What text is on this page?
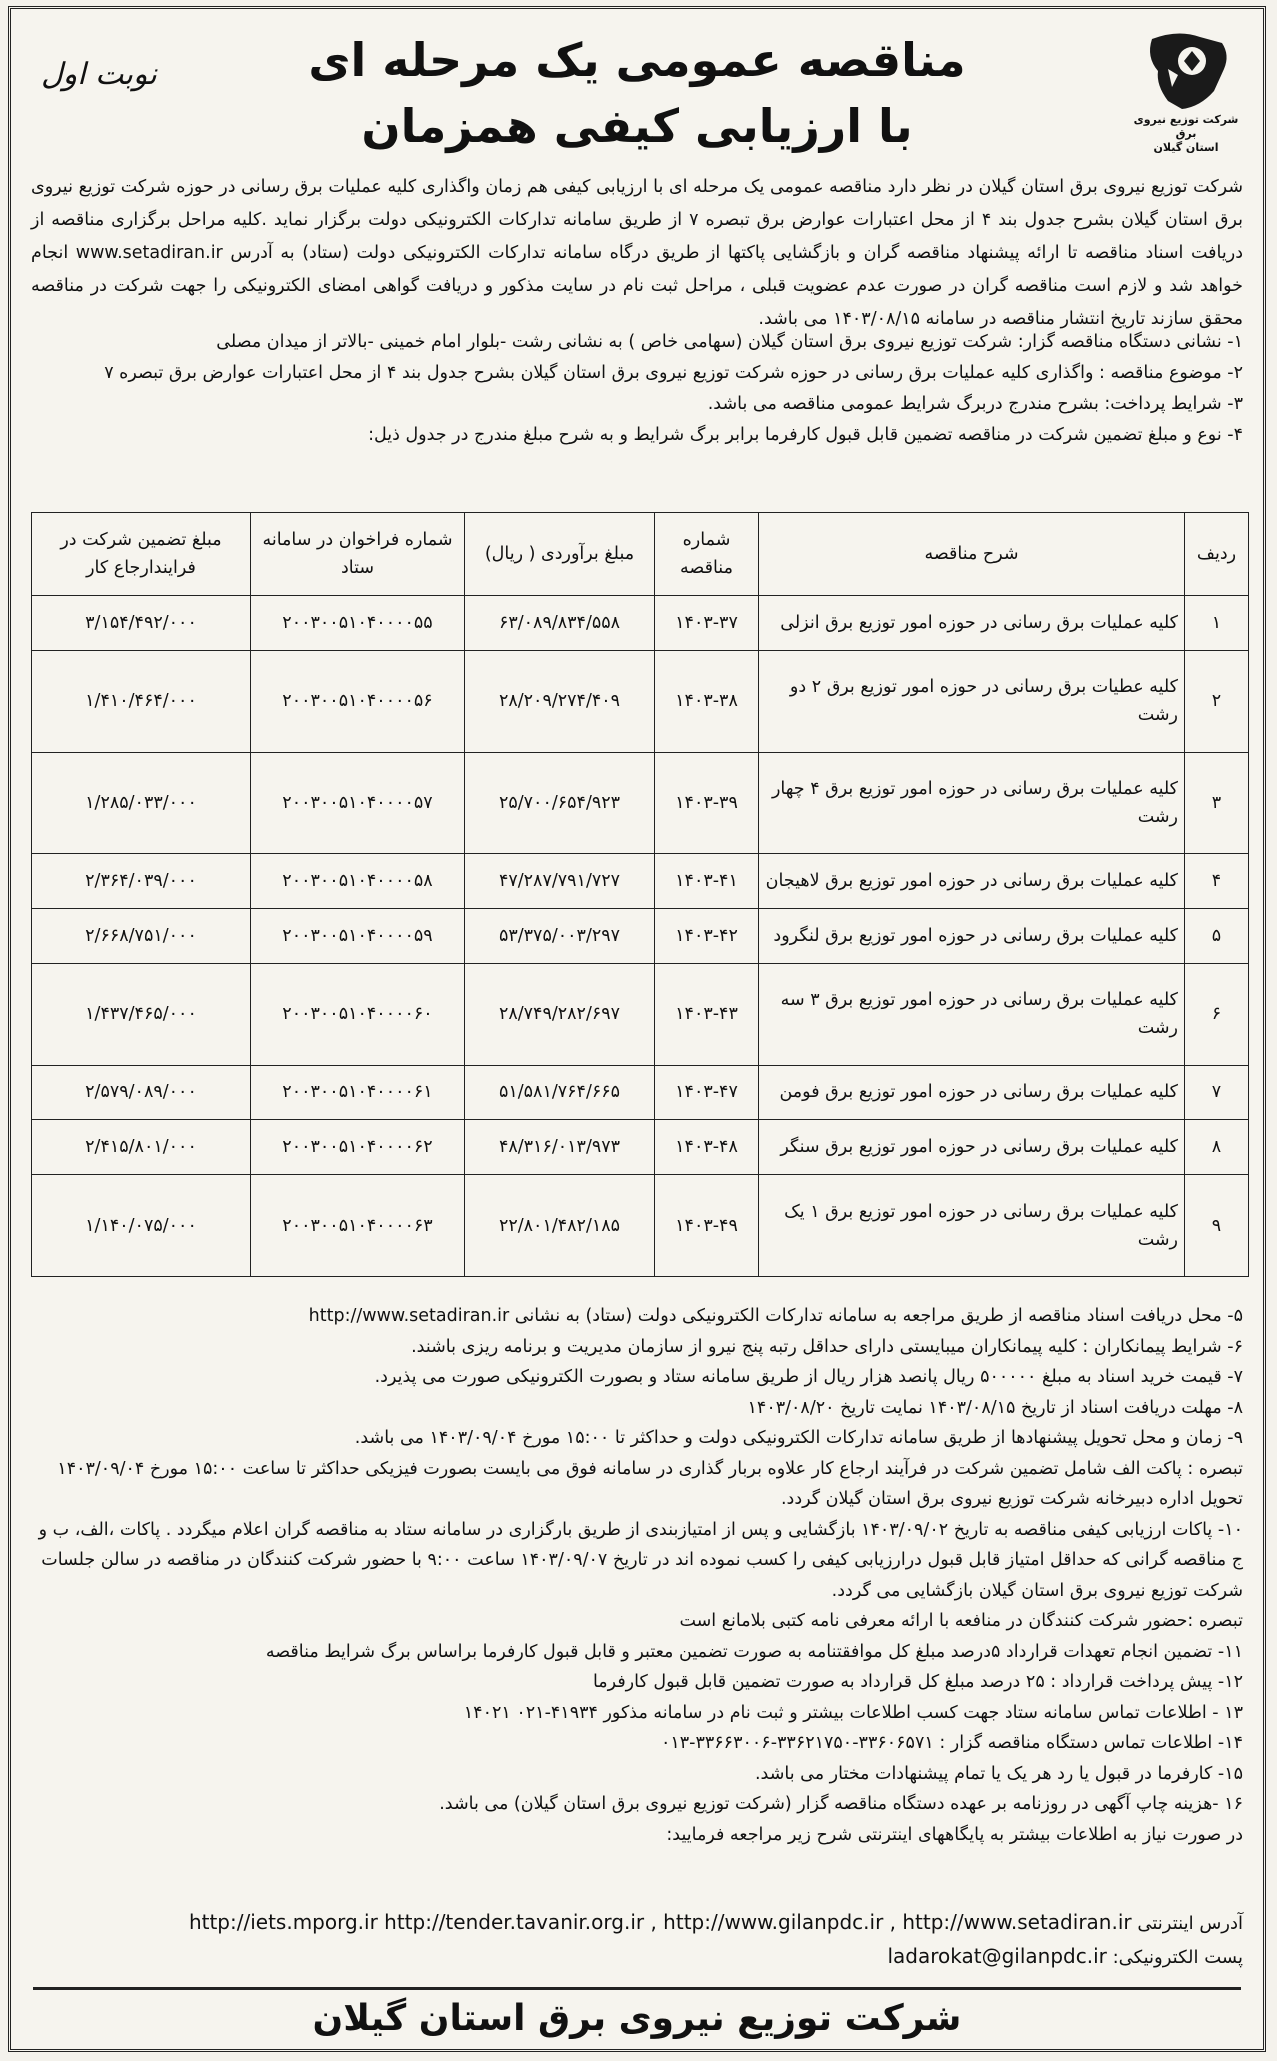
شرکت توزیع نیروی برق
استان گیلان
نوبت اول	مناقصه عمومی یک مرحله ای
با ارزیابی کیفی همزمان
شرکت توزیع نیروی برق استان گیلان در نظر دارد مناقصه عمومی یک مرحله ای با ارزیابی کیفی هم زمان واگذاری کلیه عملیات برق رسانی در حوزه شرکت توزیع نیروی برق استان گیلان بشرح جدول بند ۴ از محل اعتبارات عوارض برق تبصره ۷ از طریق سامانه تدارکات الکترونیکی دولت برگزار نماید .کلیه مراحل برگزاری مناقصه از دریافت اسناد مناقصه تا ارائه پیشنهاد مناقصه گران و بازگشایی پاکتها از طریق درگاه سامانه تدارکات الکترونیکی دولت (ستاد) به آدرس www.setadiran.ir انجام خواهد شد و لازم است مناقصه گران در صورت عدم عضویت قبلی ، مراحل ثبت نام در سایت مذکور و دریافت گواهی امضای الکترونیکی را جهت شرکت در مناقصه محقق سازند تاریخ انتشار مناقصه در سامانه ۱۴۰۳/۰۸/۱۵ می باشد.

۱- نشانی دستگاه مناقصه گزار: شرکت توزیع نیروی برق استان گیلان (سهامی خاص ) به نشانی رشت -بلوار امام خمینی -بالاتر از میدان مصلی

۲- موضوع مناقصه : واگذاری کلیه عملیات برق رسانی در حوزه شرکت توزیع نیروی برق استان گیلان بشرح جدول بند ۴ از محل اعتبارات عوارض برق تبصره ۷

۳- شرایط پرداخت: بشرح مندرج دربرگ شرایط عمومی مناقصه می باشد.

۴- نوع و مبلغ تضمین شرکت در مناقصه تضمین قابل قبول کارفرما برابر برگ شرایط و به شرح مبلغ مندرج در جدول ذیل:

ردیف	شرح مناقصه	شماره مناقصه	مبلغ برآوردی ( ریال)	شماره فراخوان در سامانه ستاد	مبلغ تضمین شرکت در فرایندارجاع کار
۱	کلیه عملیات برق رسانی در حوزه امور توزیع برق انزلی	۱۴۰۳-۳۷	۶۳/۰۸۹/۸۳۴/۵۵۸	۲۰۰۳۰۰۵۱۰۴۰۰۰۰۵۵	۳/۱۵۴/۴۹۲/۰۰۰
۲	کلیه عطیات برق رسانی در حوزه امور توزیع برق ۲ دو رشت	۱۴۰۳-۳۸	۲۸/۲۰۹/۲۷۴/۴۰۹	۲۰۰۳۰۰۵۱۰۴۰۰۰۰۵۶	۱/۴۱۰/۴۶۴/۰۰۰
۳	کلیه عملیات برق رسانی در حوزه امور توزیع برق ۴ چهار رشت	۱۴۰۳-۳۹	۲۵/۷۰۰/۶۵۴/۹۲۳	۲۰۰۳۰۰۵۱۰۴۰۰۰۰۵۷	۱/۲۸۵/۰۳۳/۰۰۰
۴	کلیه عملیات برق رسانی در حوزه امور توزیع برق لاهیجان	۱۴۰۳-۴۱	۴۷/۲۸۷/۷۹۱/۷۲۷	۲۰۰۳۰۰۵۱۰۴۰۰۰۰۵۸	۲/۳۶۴/۰۳۹/۰۰۰
۵	کلیه عملیات برق رسانی در حوزه امور توزیع برق لنگرود	۱۴۰۳-۴۲	۵۳/۳۷۵/۰۰۳/۲۹۷	۲۰۰۳۰۰۵۱۰۴۰۰۰۰۵۹	۲/۶۶۸/۷۵۱/۰۰۰
۶	کلیه عملیات برق رسانی در حوزه امور توزیع برق ۳ سه رشت	۱۴۰۳-۴۳	۲۸/۷۴۹/۲۸۲/۶۹۷	۲۰۰۳۰۰۵۱۰۴۰۰۰۰۶۰	۱/۴۳۷/۴۶۵/۰۰۰
۷	کلیه عملیات برق رسانی در حوزه امور توزیع برق فومن	۱۴۰۳-۴۷	۵۱/۵۸۱/۷۶۴/۶۶۵	۲۰۰۳۰۰۵۱۰۴۰۰۰۰۶۱	۲/۵۷۹/۰۸۹/۰۰۰
۸	کلیه عملیات برق رسانی در حوزه امور توزیع برق سنگر	۱۴۰۳-۴۸	۴۸/۳۱۶/۰۱۳/۹۷۳	۲۰۰۳۰۰۵۱۰۴۰۰۰۰۶۲	۲/۴۱۵/۸۰۱/۰۰۰
۹	کلیه عملیات برق رسانی در حوزه امور توزیع برق ۱ یک رشت	۱۴۰۳-۴۹	۲۲/۸۰۱/۴۸۲/۱۸۵	۲۰۰۳۰۰۵۱۰۴۰۰۰۰۶۳	۱/۱۴۰/۰۷۵/۰۰۰

۵- محل دریافت اسناد مناقصه از طریق مراجعه به سامانه تدارکات الکترونیکی دولت (ستاد) به نشانی http://www.setadiran.ir

۶- شرایط پیمانکاران : کلیه پیمانکاران میبایستی دارای حداقل رتبه پنج نیرو از سازمان مدیریت و برنامه ریزی باشند.

۷- قیمت خرید اسناد به مبلغ ۵۰۰۰۰۰ ریال پانصد هزار ریال از طریق سامانه ستاد و بصورت الکترونیکی صورت می پذیرد.

۸- مهلت دریافت اسناد از تاریخ ۱۴۰۳/۰۸/۱۵ نمایت تاریخ ۱۴۰۳/۰۸/۲۰

۹- زمان و محل تحویل پیشنهادها از طریق سامانه تدارکات الکترونیکی دولت و حداکثر تا ۱۵:۰۰ مورخ ۱۴۰۳/۰۹/۰۴ می باشد.

تبصره : پاکت الف شامل تضمین شرکت در فرآیند ارجاع کار علاوه بربار گذاری در سامانه فوق می بایست بصورت فیزیکی حداکثر تا ساعت ۱۵:۰۰ مورخ ۱۴۰۳/۰۹/۰۴ تحویل اداره دبیرخانه شرکت توزیع نیروی برق استان گیلان گردد.

۱۰- پاکات ارزیابی کیفی مناقصه به تاریخ ۱۴۰۳/۰۹/۰۲ بازگشایی و پس از امتیازبندی از طریق بارگزاری در سامانه ستاد به مناقصه گران اعلام میگردد . پاکات ،الف، ب و ج مناقصه گرانی که حداقل امتیاز قابل قبول درارزیابی کیفی را کسب نموده اند در تاریخ ۱۴۰۳/۰۹/۰۷ ساعت ۹:۰۰ با حضور شرکت کنندگان در مناقصه در سالن جلسات شرکت توزیع نیروی برق استان گیلان بازگشایی می گردد.

تبصره :حضور شرکت کنندگان در منافعه با ارائه معرفی نامه کتبی بلامانع است

۱۱- تضمین انجام تعهدات قرارداد ۵درصد مبلغ کل موافقتنامه به صورت تضمین معتبر و قابل قبول کارفرما براساس برگ شرایط مناقصه

۱۲- پیش پرداخت قرارداد : ۲۵ درصد مبلغ کل قرارداد به صورت تضمین قابل قبول کارفرما

۱۳ - اطلاعات تماس سامانه ستاد جهت کسب اطلاعات بیشتر و ثبت نام در سامانه مذکور ۴۱۹۳۴-۰۲۱ ۱۴۰۲۱

۱۴- اطلاعات تماس دستگاه مناقصه گزار : ۳۳۶۰۶۵۷۱-۳۳۶۲۱۷۵۰-۳۳۶۶۳۰۰۶-۰۱۳

۱۵- کارفرما در قبول یا رد هر یک یا تمام پیشنهادات مختار می باشد.

۱۶ -هزینه چاپ آگهی در روزنامه بر عهده دستگاه مناقصه گزار (شرکت توزیع نیروی برق استان گیلان) می باشد.

در صورت نیاز به اطلاعات بیشتر به پایگاههای اینترنتی شرح زیر مراجعه فرمایید:

آدرس اینترنتی http://iets.mporg.ir http://tender.tavanir.org.ir , http://www.gilanpdc.ir , http://www.setadiran.ir
پست الکترونیکی: ladarokat@gilanpdc.ir
شرکت توزیع نیروی برق استان گیلان
